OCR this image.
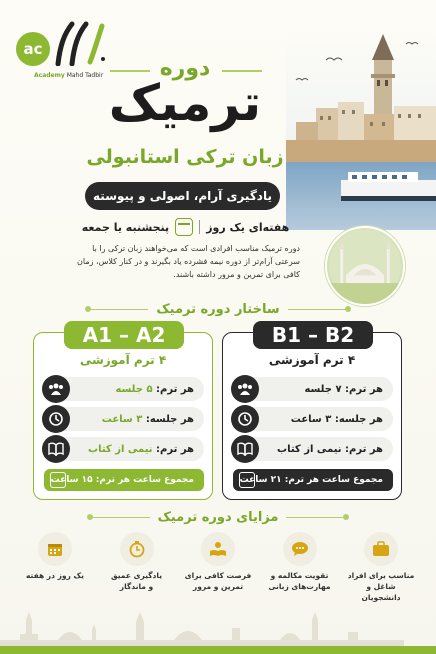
ac
Academy Mahd Tadbir	دوره
ترمیک
زبان ترکی استانبولی
یادگیری آرام، اصولی و پیوسته
هفته‌ای یک روز
پنجشنبه یا جمعه
دوره ترمیک مناسب افرادی است که می‌خواهند زبان ترکی را با سرعتی آرام‌تر از دوره نیمه فشرده یاد بگیرند و در کنار کلاس، زمان کافی برای تمرین و مرور داشته باشند.
ساختار دوره ترمیک
A1 – A2
۴ ترم آموزشی
هر ترم:

۵ جلسه
هر جلسه:

۳ ساعت
هر ترم:

نیمی از کتاب
مجموع ساعت هر ترم: ۱۵ ساعت
B1 – B2
۴ ترم آموزشی
هر ترم:

۷ جلسه
هر جلسه:

۳ ساعت
هر ترم:

نیمی از کتاب
مجموع ساعت هر ترم: ۲۱ ساعت
مزایای دوره ترمیک
مناسب برای افراد
شاغل و دانشجویان
تقویت مکالمه و
مهارت‌های زبانی
فرصت کافی برای
تمرین و مرور
یادگیری عمیق
و ماندگار
یک روز در هفته
